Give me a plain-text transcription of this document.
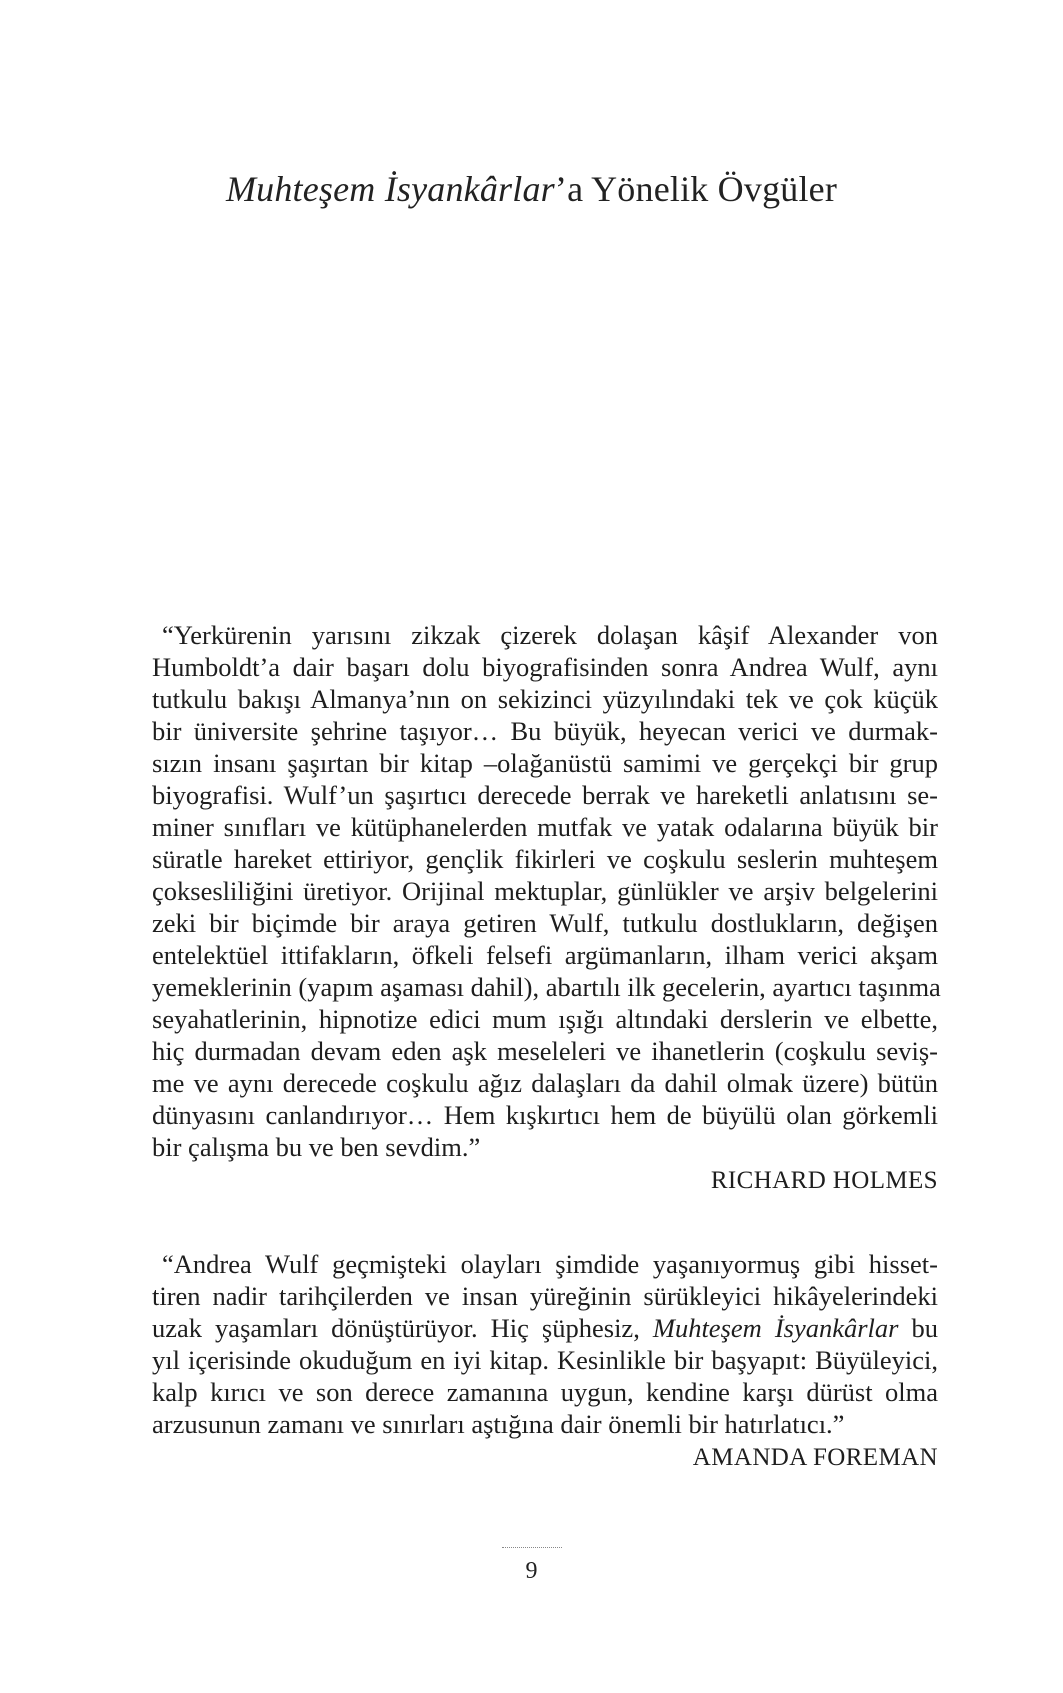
Muhteşem İsyankârlar’a Yönelik Övgüler
“Yerkürenin yarısını zikzak çizerek dolaşan kâşif Alexander von
Humboldt’a dair başarı dolu biyografisinden sonra Andrea Wulf, aynı
tutkulu bakışı Almanya’nın on sekizinci yüzyılındaki tek ve çok küçük
bir üniversite şehrine taşıyor… Bu büyük, heyecan verici ve durmak-
sızın insanı şaşırtan bir kitap –olağanüstü samimi ve gerçekçi bir grup
biyografisi. Wulf’un şaşırtıcı derecede berrak ve hareketli anlatısını se-
miner sınıfları ve kütüphanelerden mutfak ve yatak odalarına büyük bir
süratle hareket ettiriyor, gençlik fikirleri ve coşkulu seslerin muhteşem
çoksesliliğini üretiyor. Orijinal mektuplar, günlükler ve arşiv belgelerini
zeki bir biçimde bir araya getiren Wulf, tutkulu dostlukların, değişen
entelektüel ittifakların, öfkeli felsefi argümanların, ilham verici akşam
yemeklerinin (yapım aşaması dahil), abartılı ilk gecelerin, ayartıcı taşınma
seyahatlerinin, hipnotize edici mum ışığı altındaki derslerin ve elbette,
hiç durmadan devam eden aşk meseleleri ve ihanetlerin (coşkulu seviş-
me ve aynı derecede coşkulu ağız dalaşları da dahil olmak üzere) bütün
dünyasını canlandırıyor… Hem kışkırtıcı hem de büyülü olan görkemli
bir çalışma bu ve ben sevdim.”
RICHARD HOLMES
“Andrea Wulf geçmişteki olayları şimdide yaşanıyormuş gibi hisset-
tiren nadir tarihçilerden ve insan yüreğinin sürükleyici hikâyelerindeki
uzak yaşamları dönüştürüyor. Hiç şüphesiz, Muhteşem İsyankârlar bu
yıl içerisinde okuduğum en iyi kitap. Kesinlikle bir başyapıt: Büyüleyici,
kalp kırıcı ve son derece zamanına uygun, kendine karşı dürüst olma
arzusunun zamanı ve sınırları aştığına dair önemli bir hatırlatıcı.”
AMANDA FOREMAN
9
